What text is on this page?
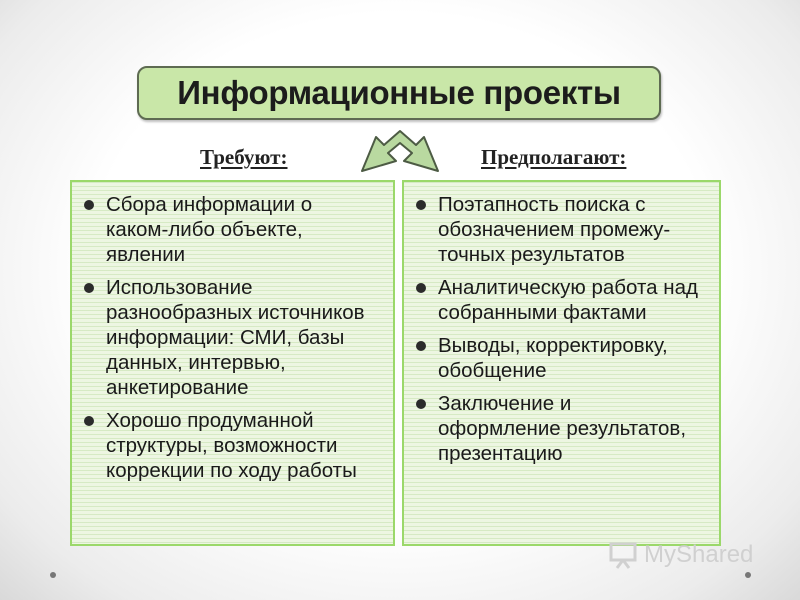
Информационные проекты
Требуют:	Предполагают:
Сбора информации о
каком-либо объекте,
явлении
Использование
разнообразных источников
информации: СМИ, базы
данных, интервью,
анкетирование
Хорошо продуманной
структуры, возможности
коррекции по ходу работы
Поэтапность поиска с
обозначением промежу-
точных результатов
Аналитическую работа над
собранными фактами
Выводы, корректировку,
обобщение
Заключение и
оформление результатов,
презентацию
MyShared
